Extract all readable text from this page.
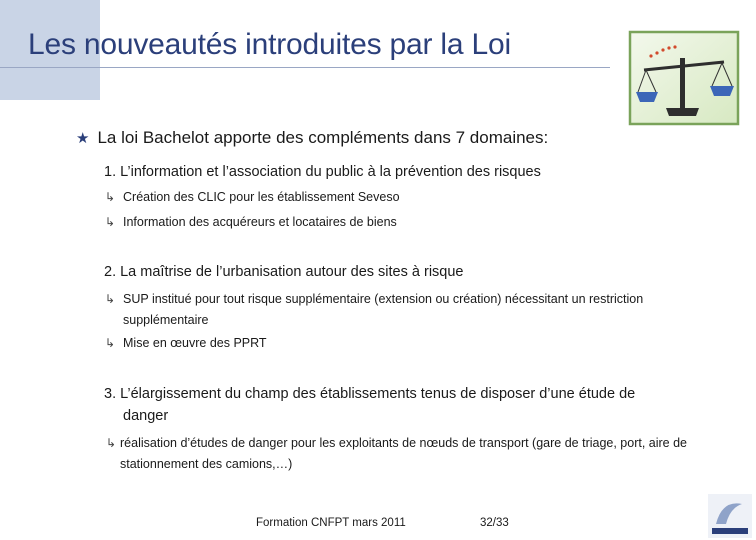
Les nouveautés introduites par la Loi
★ La loi Bachelot apporte des compléments dans 7 domaines:
1. L’information et l’association du public à la prévention des risques
↳ Création des CLIC pour les établissement Seveso
↳ Information des acquéreurs et locataires de biens
2. La maîtrise de l’urbanisation autour des sites à risque
↳ SUP institué pour tout risque supplémentaire (extension ou création) nécessitant un restriction supplémentaire
↳ Mise en œuvre des PPRT
3. L’élargissement du champ des établissements tenus de disposer d’une étude de
danger
↳ réalisation d’études de danger pour les exploitants de nœuds de transport (gare de triage, port, aire de stationnement des camions,…)
Formation CNFPT mars 2011	32/33
